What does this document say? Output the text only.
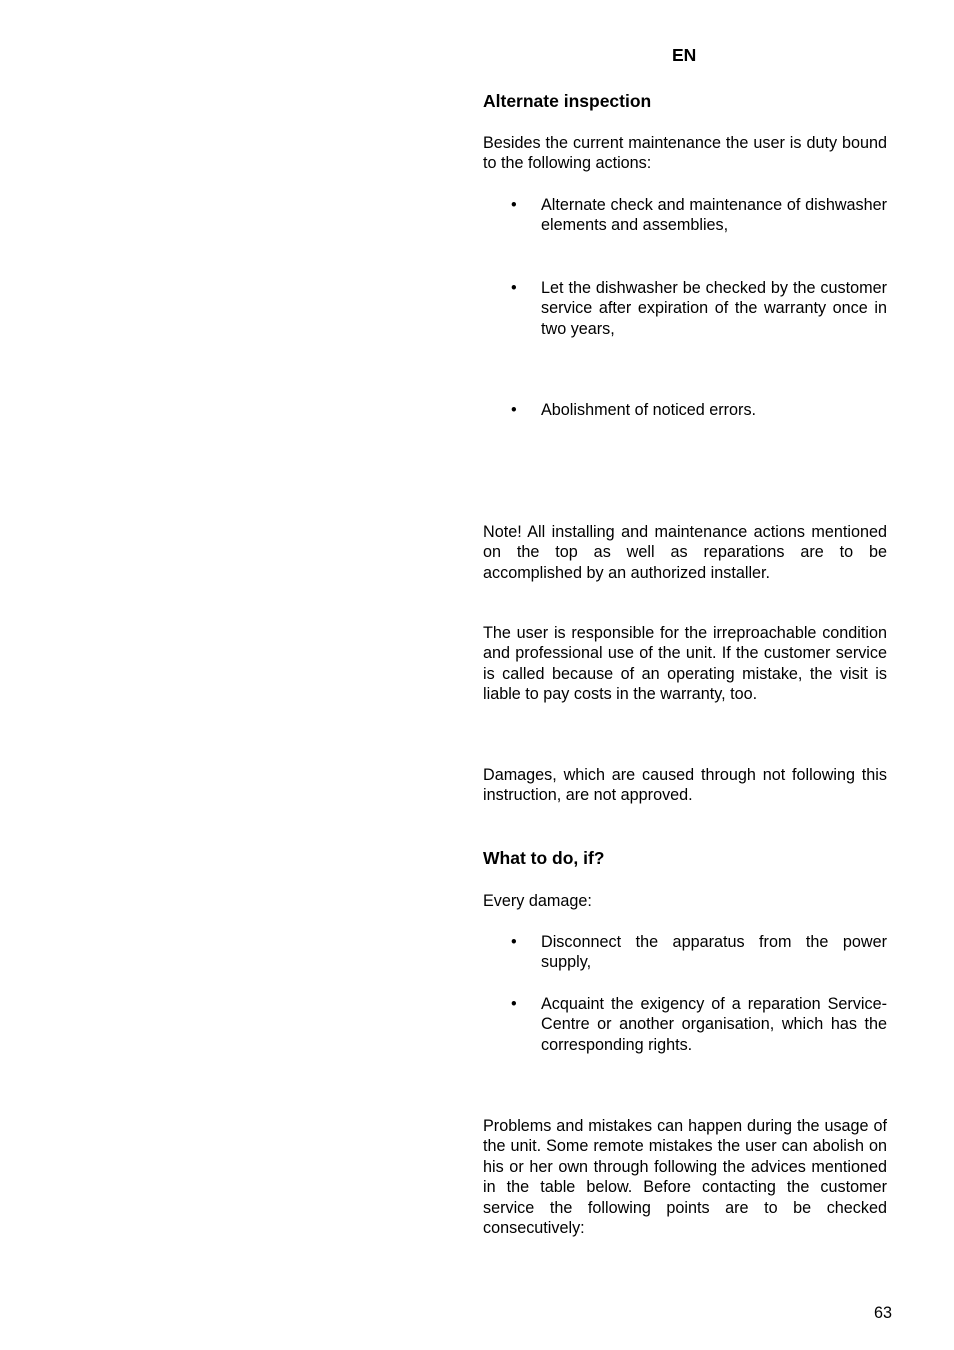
EN
Alternate inspection
Besides the current maintenance the user is duty bound to the following actions:
•	Alternate check and maintenance of dishwasher elements and assemblies,
•	Let the dishwasher be checked by the customer service after expiration of the warranty once in two years,
•	Abolishment of noticed errors.
Note! All installing and maintenance actions mentioned on the top as well as reparations are to be accomplished by an authorized installer.
The user is responsible for the irreproachable condition and professional use of the unit. If the customer service is called because of an operating mistake, the visit is liable to pay costs in the warranty, too.
Damages, which are caused through not following this instruction, are not approved.
What to do, if?
Every damage:
•	Disconnect the apparatus from the power supply,
•	Acquaint the exigency of a reparation Service-Centre or another organisation, which has the corresponding rights.
Problems and mistakes can happen during the usage of the unit. Some remote mistakes the user can abolish on his or her own through following the advices mentioned in the table below. Before contacting the customer service the following points are to be checked consecutively:
63
